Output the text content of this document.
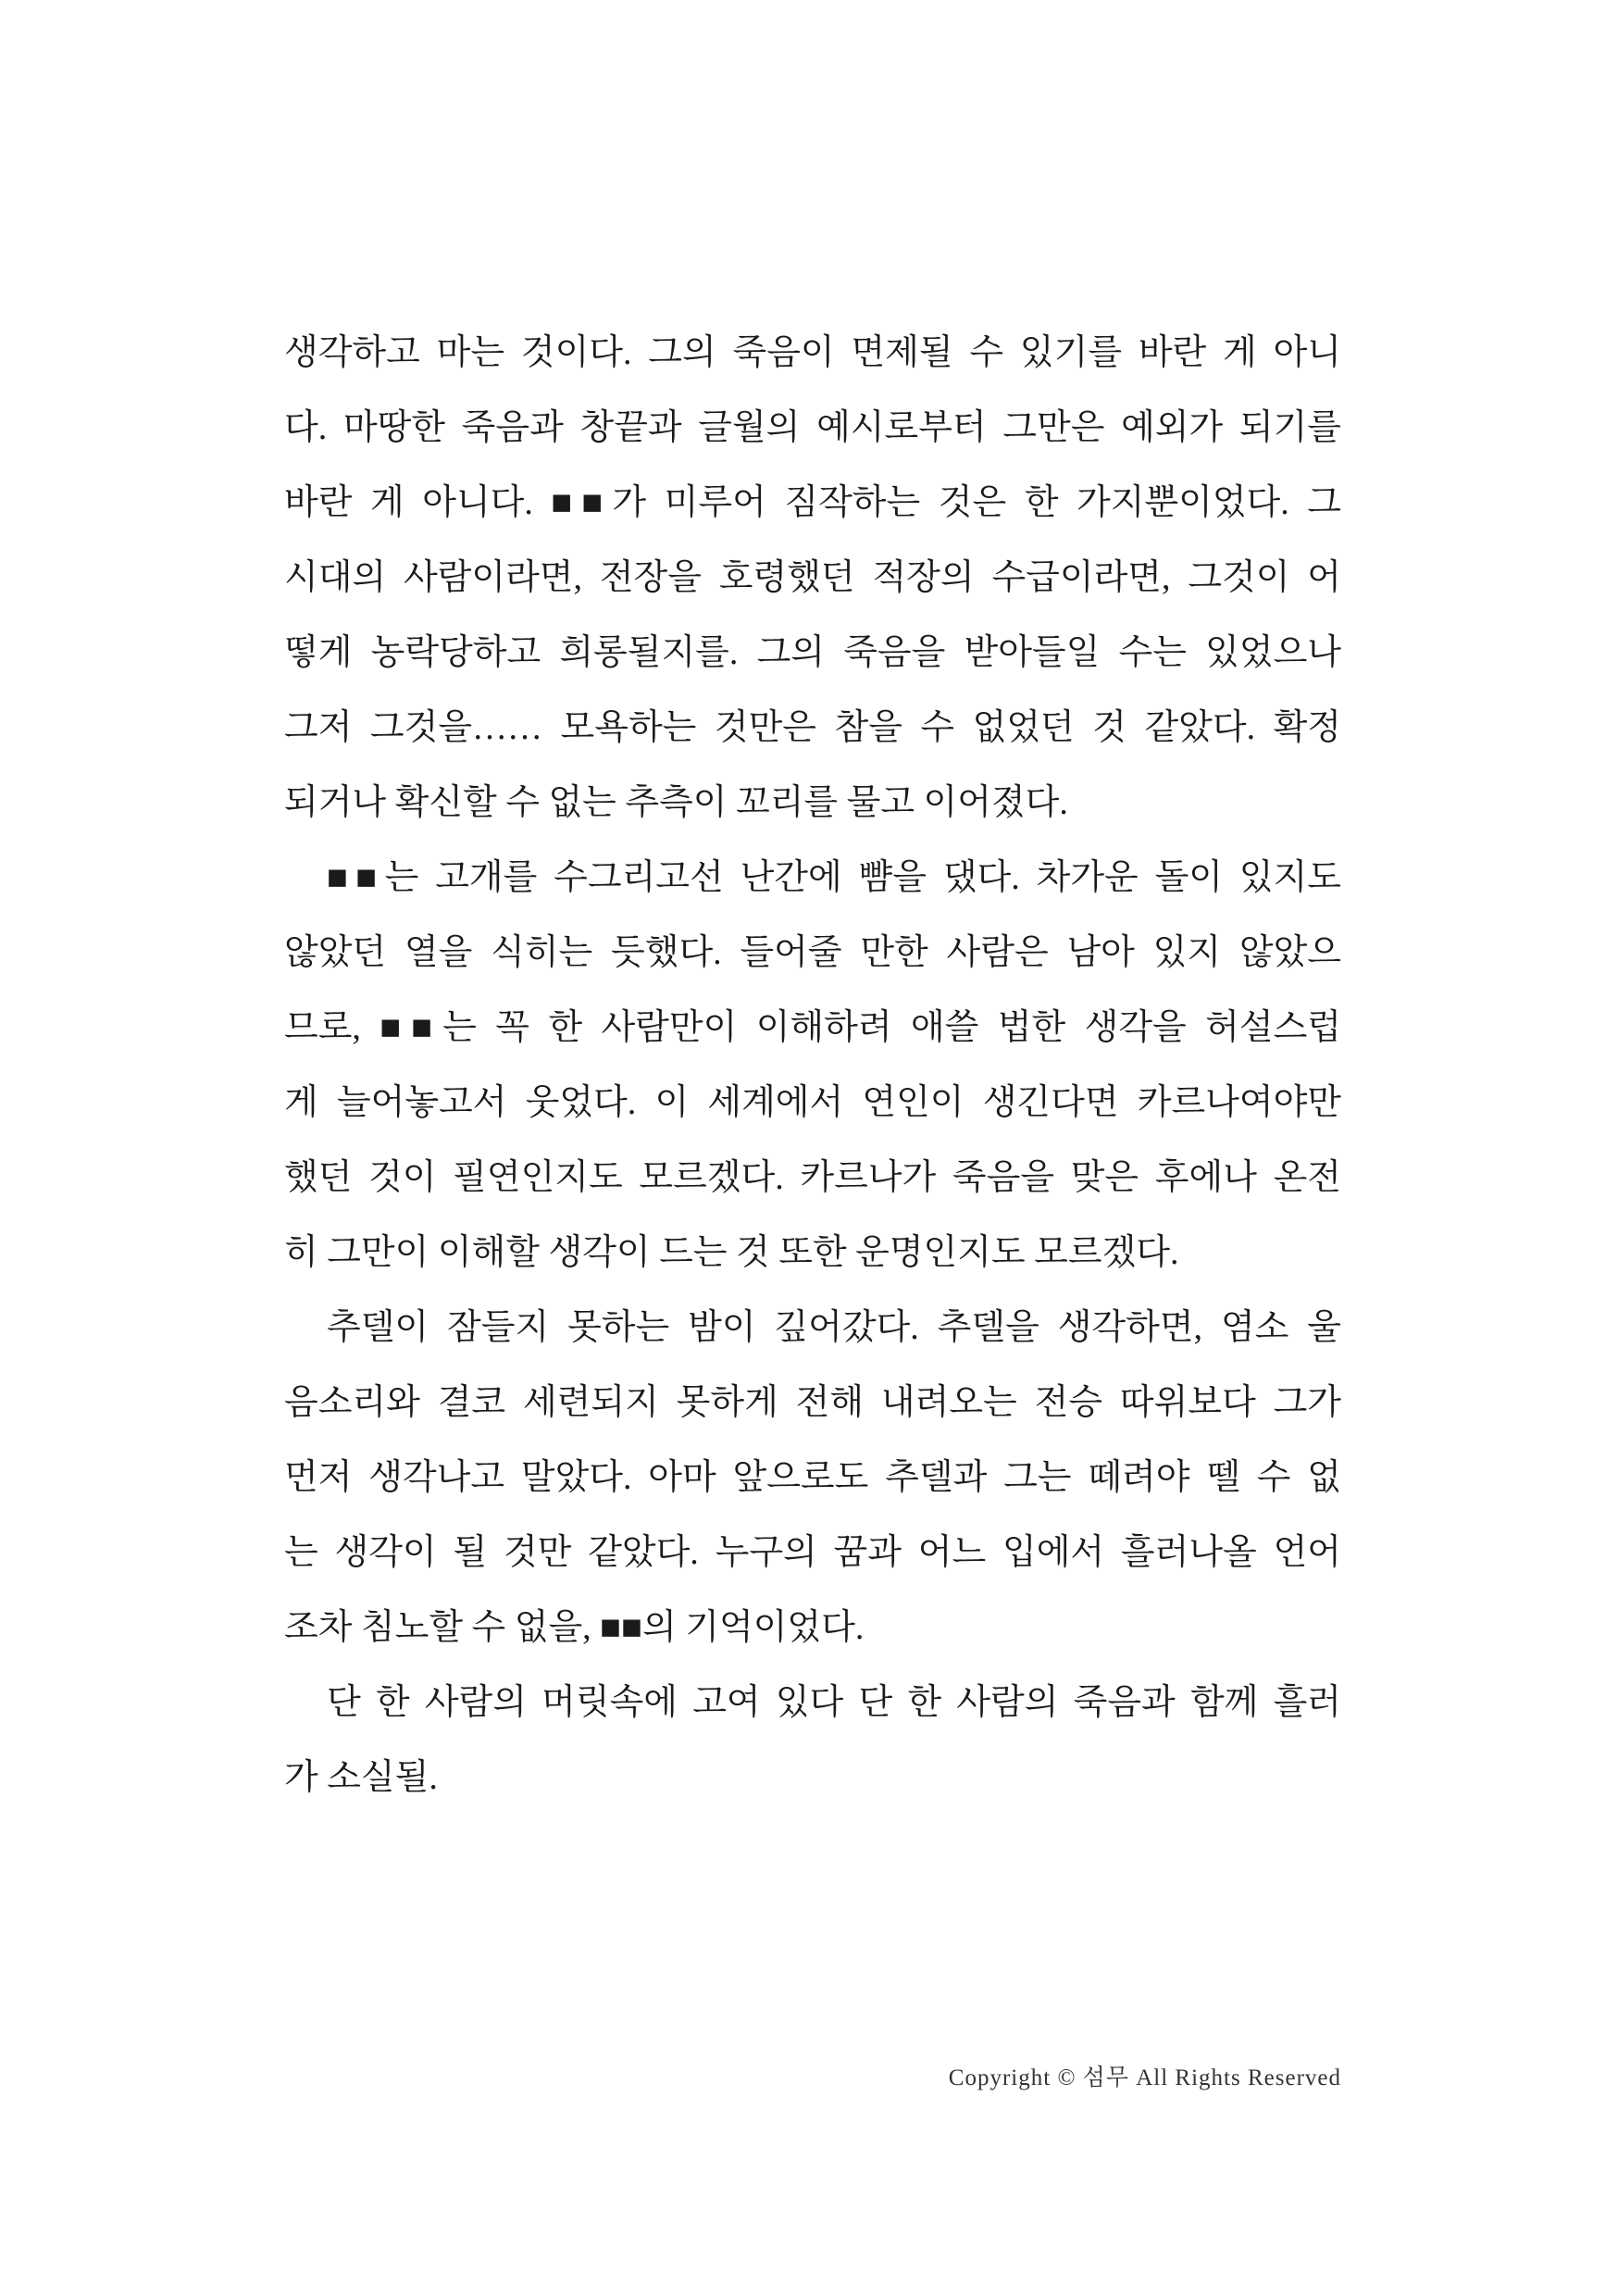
생각하고 마는 것이다. 그의 죽음이 면제될 수 있기를 바란 게 아니
다. 마땅한 죽음과 창끝과 글월의 예시로부터 그만은 예외가 되기를
바란 게 아니다. ■■가 미루어 짐작하는 것은 한 가지뿐이었다. 그
시대의 사람이라면, 전장을 호령했던 적장의 수급이라면, 그것이 어
떻게 농락당하고 희롱될지를. 그의 죽음을 받아들일 수는 있었으나
그저 그것을…… 모욕하는 것만은 참을 수 없었던 것 같았다. 확정
되거나 확신할 수 없는 추측이 꼬리를 물고 이어졌다.
■■는 고개를 수그리고선 난간에 뺨을 댔다. 차가운 돌이 있지도
않았던 열을 식히는 듯했다. 들어줄 만한 사람은 남아 있지 않았으
므로, ■■는 꼭 한 사람만이 이해하려 애쓸 법한 생각을 허설스럽
게 늘어놓고서 웃었다. 이 세계에서 연인이 생긴다면 카르나여야만
했던 것이 필연인지도 모르겠다. 카르나가 죽음을 맞은 후에나 온전
히 그만이 이해할 생각이 드는 것 또한 운명인지도 모르겠다.
추델이 잠들지 못하는 밤이 깊어갔다. 추델을 생각하면, 염소 울
음소리와 결코 세련되지 못하게 전해 내려오는 전승 따위보다 그가
먼저 생각나고 말았다. 아마 앞으로도 추델과 그는 떼려야 뗄 수 없
는 생각이 될 것만 같았다. 누구의 꿈과 어느 입에서 흘러나올 언어
조차 침노할 수 없을, ■■의 기억이었다.
단 한 사람의 머릿속에 고여 있다 단 한 사람의 죽음과 함께 흘러
가 소실될.
Copyright © 섬무 All Rights Reserved
